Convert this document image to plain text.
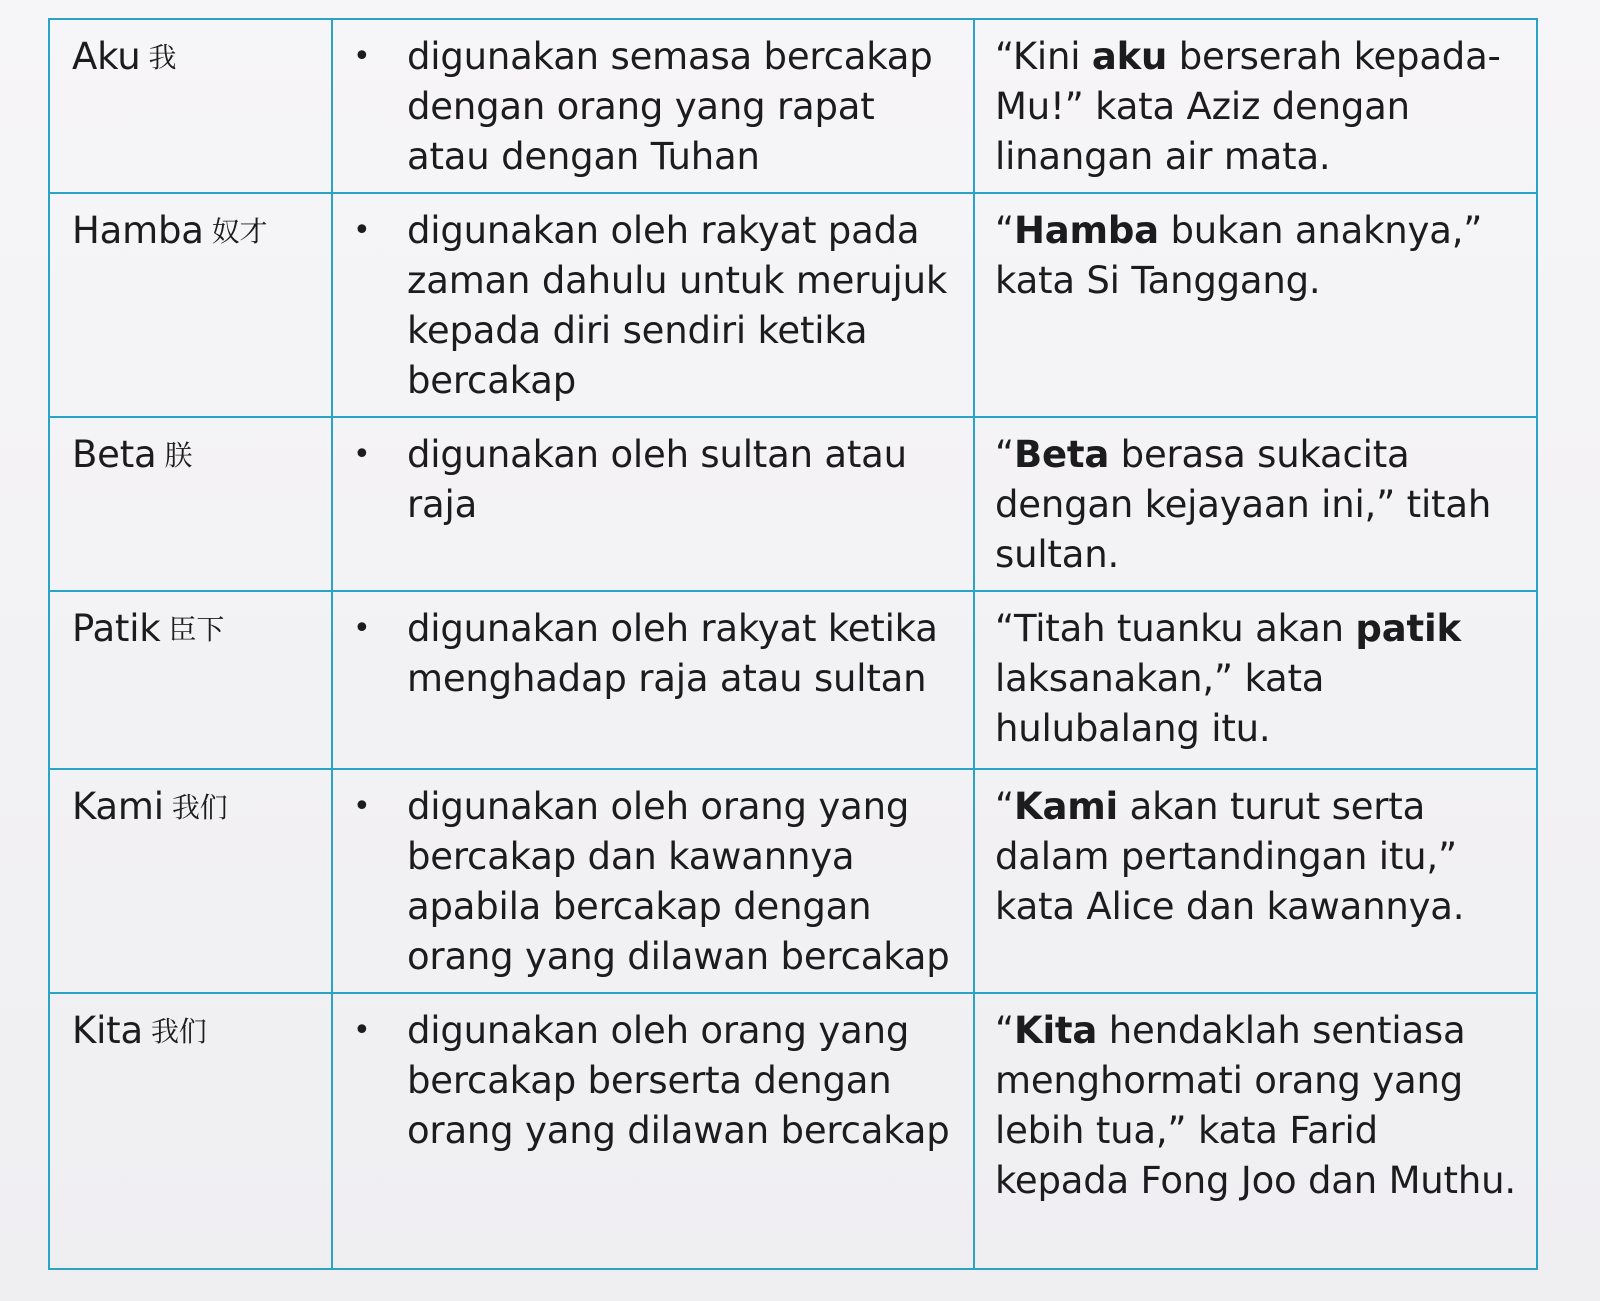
Aku 我	• digunakan semasa bercakap dengan orang yang rapat atau dengan Tuhan	“Kini aku berserah kepada-Mu!” kata Aziz dengan linangan air mata.
Hamba 奴才	• digunakan oleh rakyat pada zaman dahulu untuk merujuk kepada diri sendiri ketika bercakap	“Hamba bukan anaknya,” kata Si Tanggang.
Beta 朕	• digunakan oleh sultan atau raja	“Beta berasa sukacita dengan kejayaan ini,” titah sultan.
Patik 臣下	• digunakan oleh rakyat ketika menghadap raja atau sultan	“Titah tuanku akan patik laksanakan,” kata hulubalang itu.
Kami 我们	• digunakan oleh orang yang bercakap dan kawannya apabila bercakap dengan orang yang dilawan bercakap	“Kami akan turut serta dalam pertandingan itu,” kata Alice dan kawannya.
Kita 我们	• digunakan oleh orang yang bercakap berserta dengan orang yang dilawan bercakap	“Kita hendaklah sentiasa menghormati orang yang lebih tua,” kata Farid kepada Fong Joo dan Muthu.
